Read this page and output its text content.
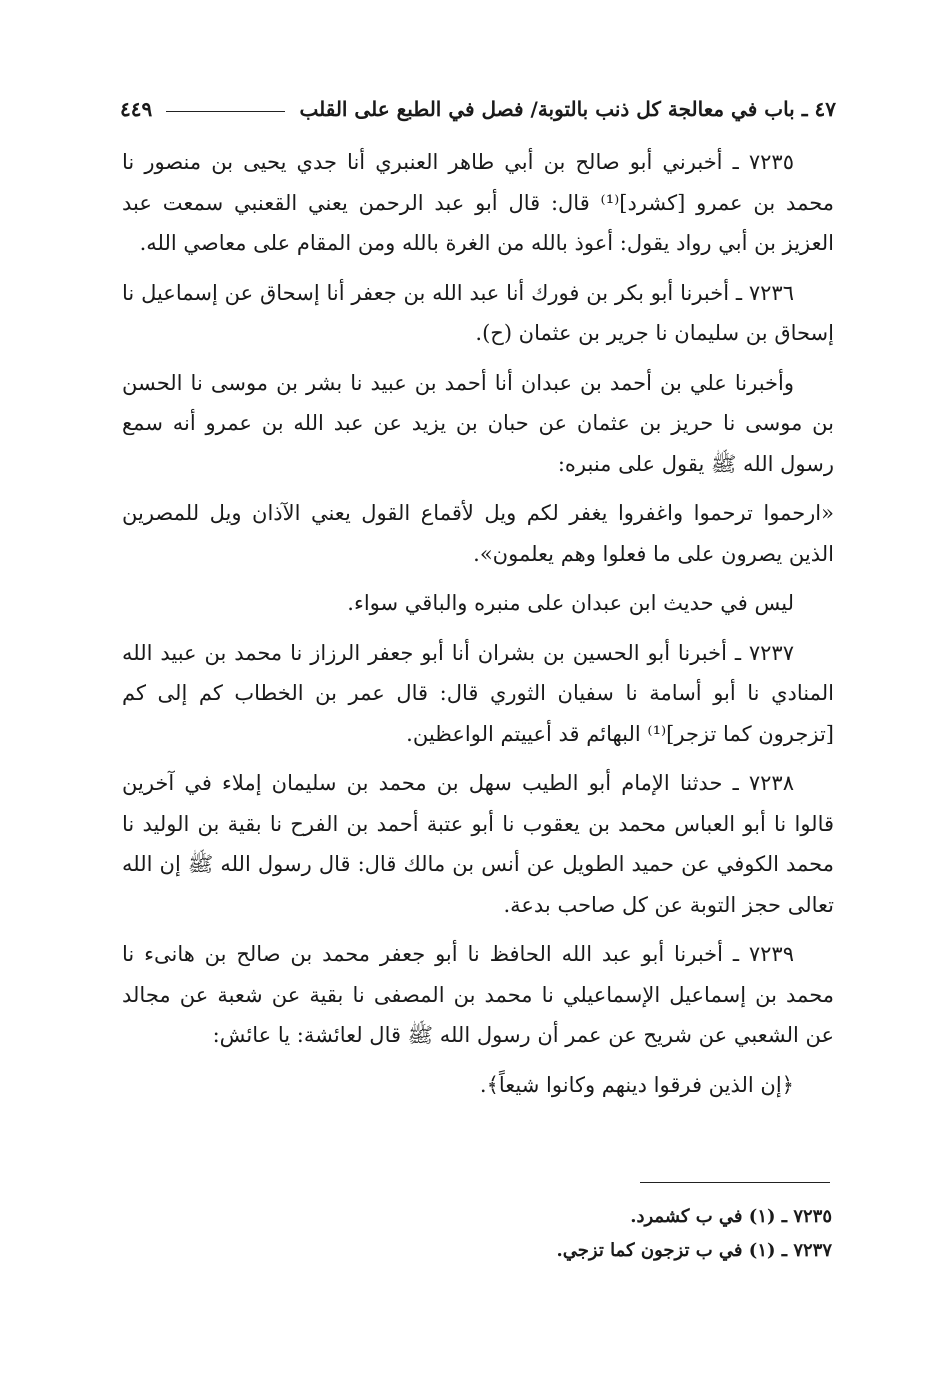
٤٧ ـ باب في معالجة كل ذنب بالتوبة/ فصل في الطبع على القلب
٤٤٩

٧٢٣٥ ـ أخبرني أبو صالح بن أبي طاهر العنبري أنا جدي يحيى بن منصور نا محمد بن عمرو [كشرد]⁽¹⁾ قال: قال أبو عبد الرحمن يعني القعنبي سمعت عبد العزيز بن أبي رواد يقول: أعوذ بالله من الغرة بالله ومن المقام على معاصي الله.

٧٢٣٦ ـ أخبرنا أبو بكر بن فورك أنا عبد الله بن جعفر أنا إسحاق عن إسماعيل نا إسحاق بن سليمان نا جرير بن عثمان (ح).

وأخبرنا علي بن أحمد بن عبدان أنا أحمد بن عبيد نا بشر بن موسى نا الحسن بن موسى نا حريز بن عثمان عن حبان بن يزيد عن عبد الله بن عمرو أنه سمع رسول الله ﷺ يقول على منبره:

«ارحموا ترحموا واغفروا يغفر لكم ويل لأقماع القول يعني الآذان ويل للمصرين الذين يصرون على ما فعلوا وهم يعلمون».

ليس في حديث ابن عبدان على منبره والباقي سواء.

٧٢٣٧ ـ أخبرنا أبو الحسين بن بشران أنا أبو جعفر الرزاز نا محمد بن عبيد الله المنادي نا أبو أسامة نا سفيان الثوري قال: قال عمر بن الخطاب كم إلى كم [تزجرون كما تزجر]⁽¹⁾ البهائم قد أعييتم الواعظين.

٧٢٣٨ ـ حدثنا الإمام أبو الطيب سهل بن محمد بن سليمان إملاء في آخرين قالوا نا أبو العباس محمد بن يعقوب نا أبو عتبة أحمد بن الفرح نا بقية بن الوليد نا محمد الكوفي عن حميد الطويل عن أنس بن مالك قال: قال رسول الله ﷺ إن الله تعالى حجز التوبة عن كل صاحب بدعة.

٧٢٣٩ ـ أخبرنا أبو عبد الله الحافظ نا أبو جعفر محمد بن صالح بن هانىء نا محمد بن إسماعيل الإسماعيلي نا محمد بن المصفى نا بقية عن شعبة عن مجالد عن الشعبي عن شريح عن عمر أن رسول الله ﷺ قال لعائشة: يا عائش:

﴿إن الذين فرقوا دينهم وكانوا شيعاً﴾.

٧٢٣٥ ـ (١) في ب كشمرد.
٧٢٣٧ ـ (١) في ب تزجون كما تزجي.
